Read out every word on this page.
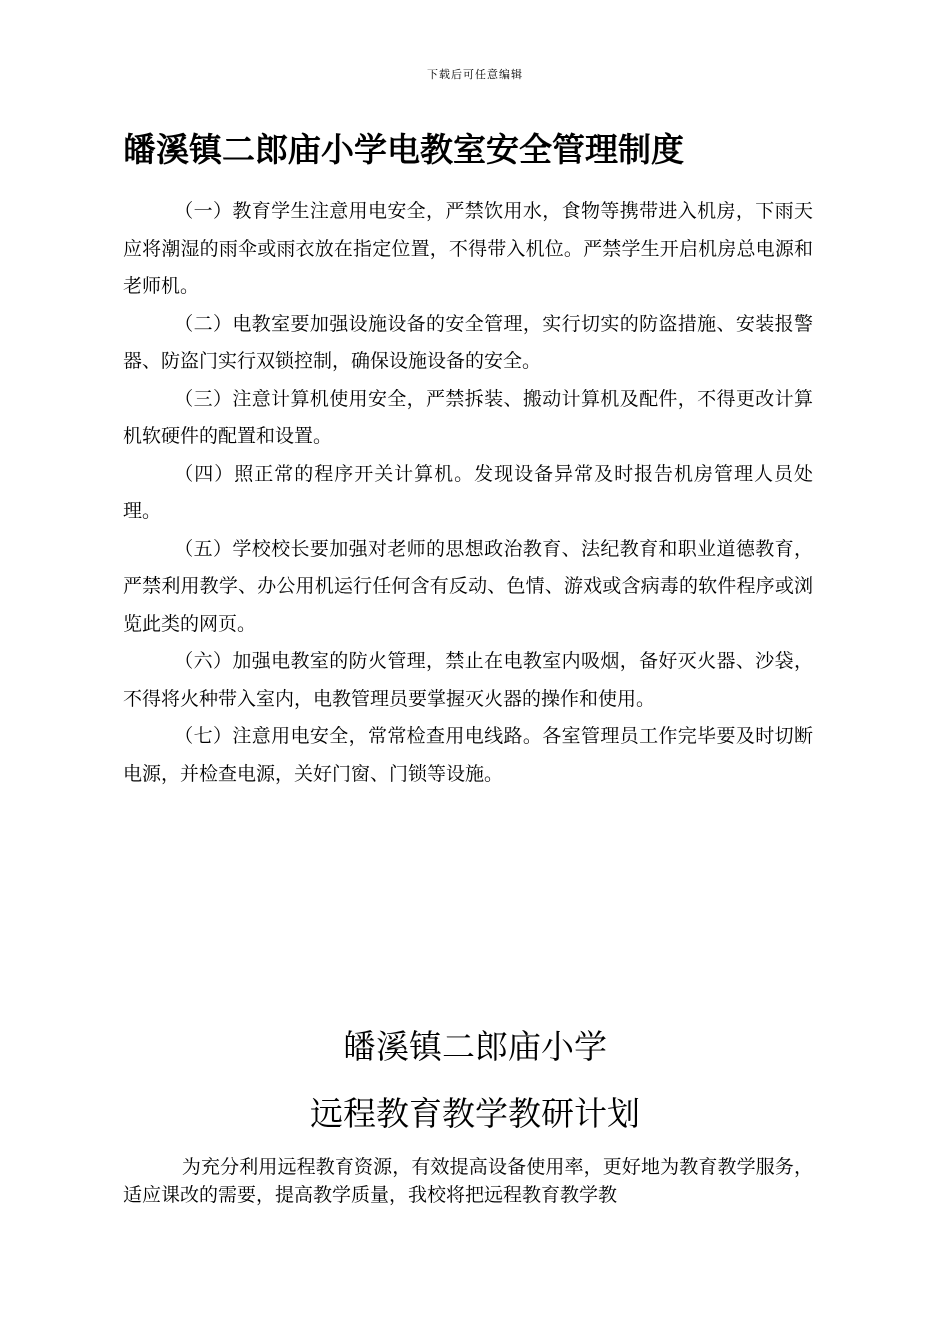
下载后可任意编辑
皤溪镇二郎庙小学电教室安全管理制度

（一）教育学生注意用电安全，严禁饮用水，食物等携带进入机房，下雨天应将潮湿的雨伞或雨衣放在指定位置，不得带入机位。严禁学生开启机房总电源和老师机。

（二）电教室要加强设施设备的安全管理，实行切实的防盗措施、安装报警器、防盗门实行双锁控制，确保设施设备的安全。

（三）注意计算机使用安全，严禁拆装、搬动计算机及配件，不得更改计算机软硬件的配置和设置。

（四）照正常的程序开关计算机。发现设备异常及时报告机房管理人员处理。

（五）学校校长要加强对老师的思想政治教育、法纪教育和职业道德教育，严禁利用教学、办公用机运行任何含有反动、色情、游戏或含病毒的软件程序或浏览此类的网页。

（六）加强电教室的防火管理，禁止在电教室内吸烟，备好灭火器、沙袋，不得将火种带入室内，电教管理员要掌握灭火器的操作和使用。

（七）注意用电安全，常常检查用电线路。各室管理员工作完毕要及时切断电源，并检查电源，关好门窗、门锁等设施。

皤溪镇二郎庙小学
远程教育教学教研计划

为充分利用远程教育资源，有效提高设备使用率，更好地为教育教学服务，适应课改的需要，提高教学质量，我校将把远程教育教学教
